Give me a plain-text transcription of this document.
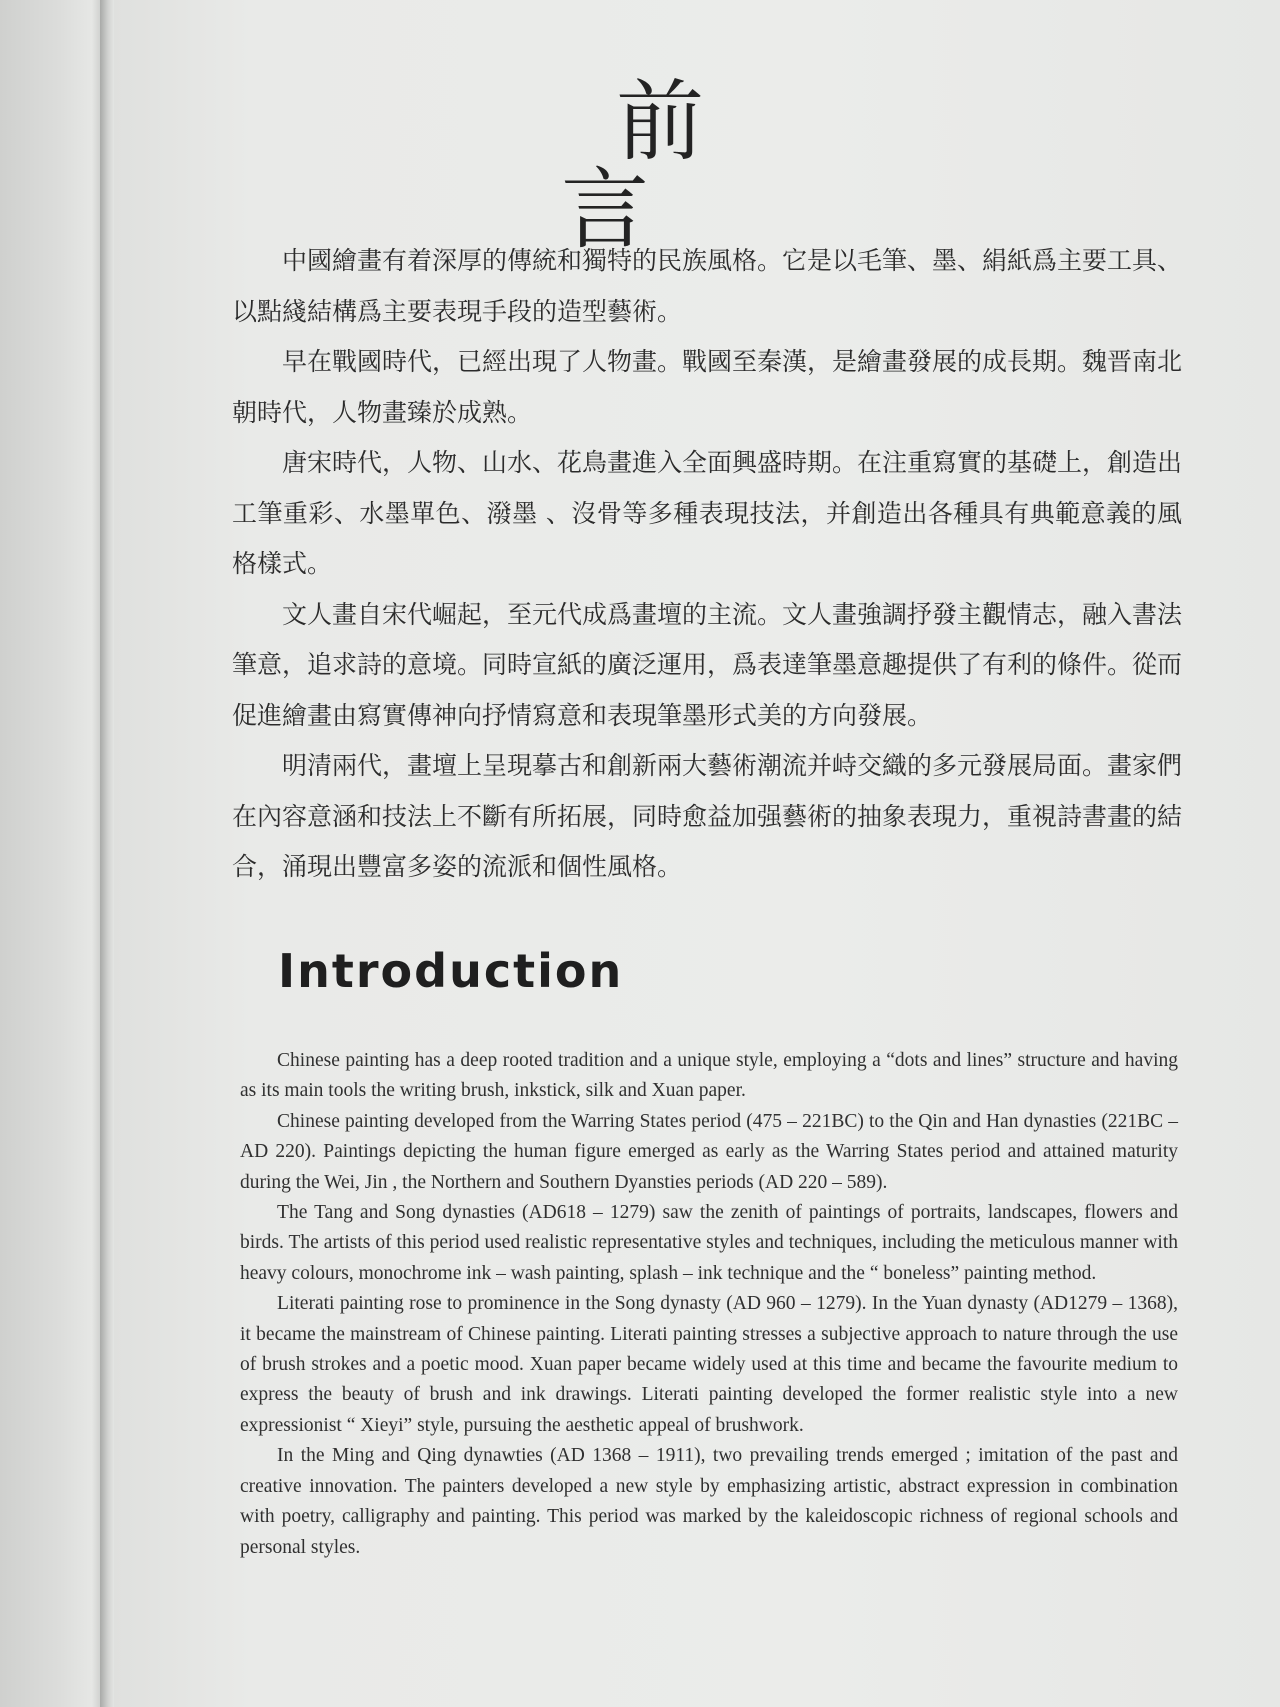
前言

中國繪畫有着深厚的傳統和獨特的民族風格。它是以毛筆、墨、絹紙爲主要工具、以點綫結構爲主要表現手段的造型藝術。

早在戰國時代，已經出現了人物畫。戰國至秦漢，是繪畫發展的成長期。魏晋南北朝時代，人物畫臻於成熟。

唐宋時代，人物、山水、花鳥畫進入全面興盛時期。在注重寫實的基礎上，創造出工筆重彩、水墨單色、潑墨 、沒骨等多種表現技法，并創造出各種具有典範意義的風格樣式。

文人畫自宋代崛起，至元代成爲畫壇的主流。文人畫強調抒發主觀情志，融入書法筆意，追求詩的意境。同時宣紙的廣泛運用，爲表達筆墨意趣提供了有利的條件。從而促進繪畫由寫實傳神向抒情寫意和表現筆墨形式美的方向發展。

明清兩代，畫壇上呈現摹古和創新兩大藝術潮流并峙交織的多元發展局面。畫家們在內容意涵和技法上不斷有所拓展，同時愈益加强藝術的抽象表現力，重視詩書畫的結合，涌現出豐富多姿的流派和個性風格。

Introduction

Chinese painting has a deep rooted tradition and a unique style, employing a “dots and lines” structure and having as its main tools the writing brush, inkstick, silk and Xuan paper.

Chinese painting developed from the Warring States period (475 – 221BC) to the Qin and Han dynasties (221BC – AD 220). Paintings depicting the human figure emerged as early as the Warring States period and attained maturity during the Wei, Jin , the Northern and Southern Dyansties periods (AD 220 – 589).

The Tang and Song dynasties (AD618 – 1279) saw the zenith of paintings of portraits, landscapes, flowers and birds. The artists of this period used realistic representative styles and techniques, including the meticulous manner with heavy colours, monochrome ink – wash painting, splash – ink technique and the “ boneless” painting method.

Literati painting rose to prominence in the Song dynasty (AD 960 – 1279). In the Yuan dynasty (AD1279 – 1368), it became the mainstream of Chinese painting. Literati painting stresses a subjective approach to nature through the use of brush strokes and a poetic mood. Xuan paper became widely used at this time and became the favourite medium to express the beauty of brush and ink drawings. Literati painting developed the former realistic style into a new expressionist “ Xieyi” style, pursuing the aesthetic appeal of brushwork.

In the Ming and Qing dynawties (AD 1368 – 1911), two prevailing trends emerged ; imitation of the past and creative innovation. The painters developed a new style by emphasizing artistic, abstract expression in combination with poetry, calligraphy and painting. This period was marked by the kaleidoscopic richness of regional schools and personal styles.
